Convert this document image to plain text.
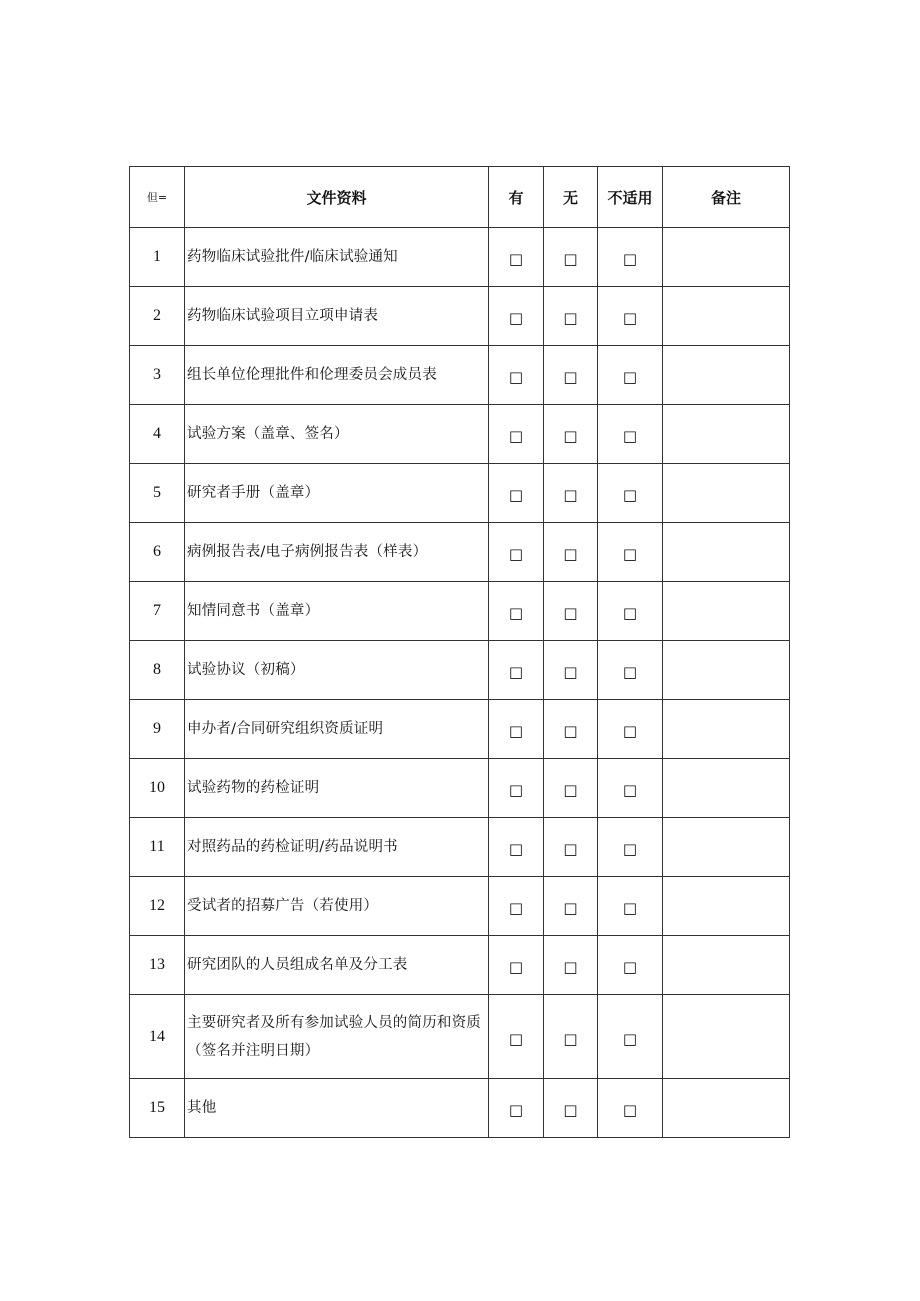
但=	文件资料	有	无	不适用	备注
1	药物临床试验批件/临床试验通知	□	□	□	
2	药物临床试验项目立项申请表	□	□	□	
3	组长单位伦理批件和伦理委员会成员表	□	□	□	
4	试验方案（盖章、签名）	□	□	□	
5	研究者手册（盖章）	□	□	□	
6	病例报告表/电子病例报告表（样表）	□	□	□	
7	知情同意书（盖章）	□	□	□	
8	试验协议（初稿）	□	□	□	
9	申办者/合同研究组织资质证明	□	□	□	
10	试验药物的药检证明	□	□	□	
11	对照药品的药检证明/药品说明书	□	□	□	
12	受试者的招募广告（若使用）	□	□	□	
13	研究团队的人员组成名单及分工表	□	□	□	
14	主要研究者及所有参加试验人员的简历和资质（签名并注明日期）	□	□	□	
15	其他	□	□	□	
